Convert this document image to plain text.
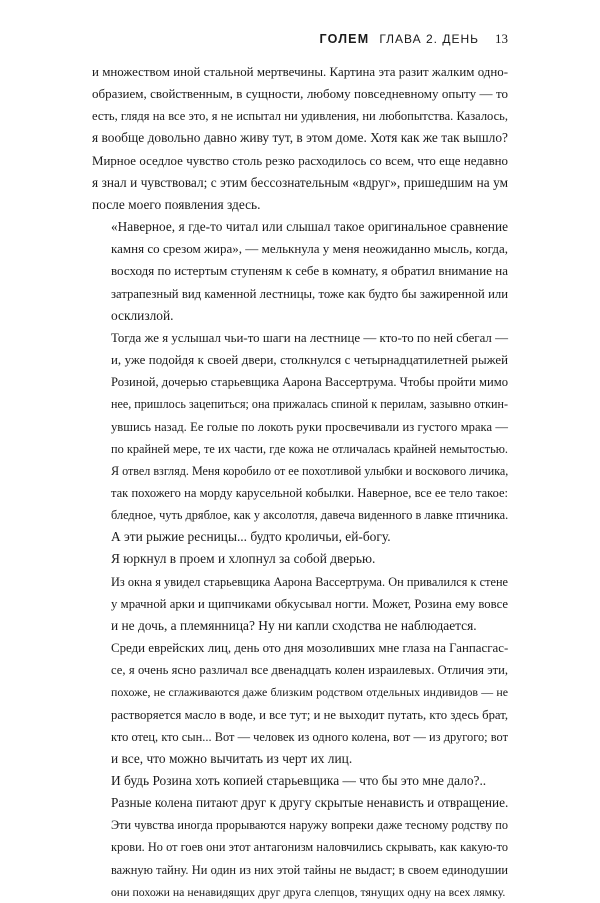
ГОЛЕМ ГЛАВА 2. ДЕНЬ 13

и множеством иной стальной мертвечины. Картина эта разит жалким одно-
образием, свойственным, в сущности, любому повседневному опыту — то
есть, глядя на все это, я не испытал ни удивления, ни любопытства. Казалось,
я вообще довольно давно живу тут, в этом доме. Хотя как же так вышло?
Мирное оседлое чувство столь резко расходилось со всем, что еще недавно
я знал и чувствовал; с этим бессознательным «вдруг», пришедшим на ум
после моего появления здесь.

«Наверное, я где-то читал или слышал такое оригинальное сравнение
камня со срезом жира», — мелькнула у меня неожиданно мысль, когда,
восходя по истертым ступеням к себе в комнату, я обратил внимание на
затрапезный вид каменной лестницы, тоже как будто бы зажиренной или
осклизлой.

Тогда же я услышал чьи-то шаги на лестнице — кто-то по ней сбегал —
и, уже подойдя к своей двери, столкнулся с четырнадцатилетней рыжей
Розиной, дочерью старьевщика Аарона Вассертрума. Чтобы пройти мимо
нее, пришлось зацепиться; она прижалась спиной к перилам, зазывно откин-
увшись назад. Ее голые по локоть руки просвечивали из густого мрака —
по крайней мере, те их части, где кожа не отличалась крайней немытостью.
Я отвел взгляд. Меня коробило от ее похотливой улыбки и воскового личика,
так похожего на морду карусельной кобылки. Наверное, все ее тело такое:
бледное, чуть дряблое, как у аксолотля, давеча виденного в лавке птичника.
А эти рыжие ресницы... будто кроличьи, ей-богу.

Я юркнул в проем и хлопнул за собой дверью.

Из окна я увидел старьевщика Аарона Вассертрума. Он привалился к стене
у мрачной арки и щипчиками обкусывал ногти. Может, Розина ему вовсе
и не дочь, а племянница? Ну ни капли сходства не наблюдается.

Среди еврейских лиц, день ото дня мозоливших мне глаза на Ганпасгас-
се, я очень ясно различал все двенадцать колен израилевых. Отличия эти,
похоже, не сглаживаются даже близким родством отдельных индивидов — не
растворяется масло в воде, и все тут; и не выходит путать, кто здесь брат,
кто отец, кто сын... Вот — человек из одного колена, вот — из другого; вот
и все, что можно вычитать из черт их лиц.

И будь Розина хоть копией старьевщика — что бы это мне дало?..

Разные колена питают друг к другу скрытые ненависть и отвращение.
Эти чувства иногда прорываются наружу вопреки даже тесному родству по
крови. Но от гоев они этот антагонизм наловчились скрывать, как какую-то
важную тайну. Ни один из них этой тайны не выдаст; в своем единодушии
они похожи на ненавидящих друг друга слепцов, тянущих одну на всех лямку.
